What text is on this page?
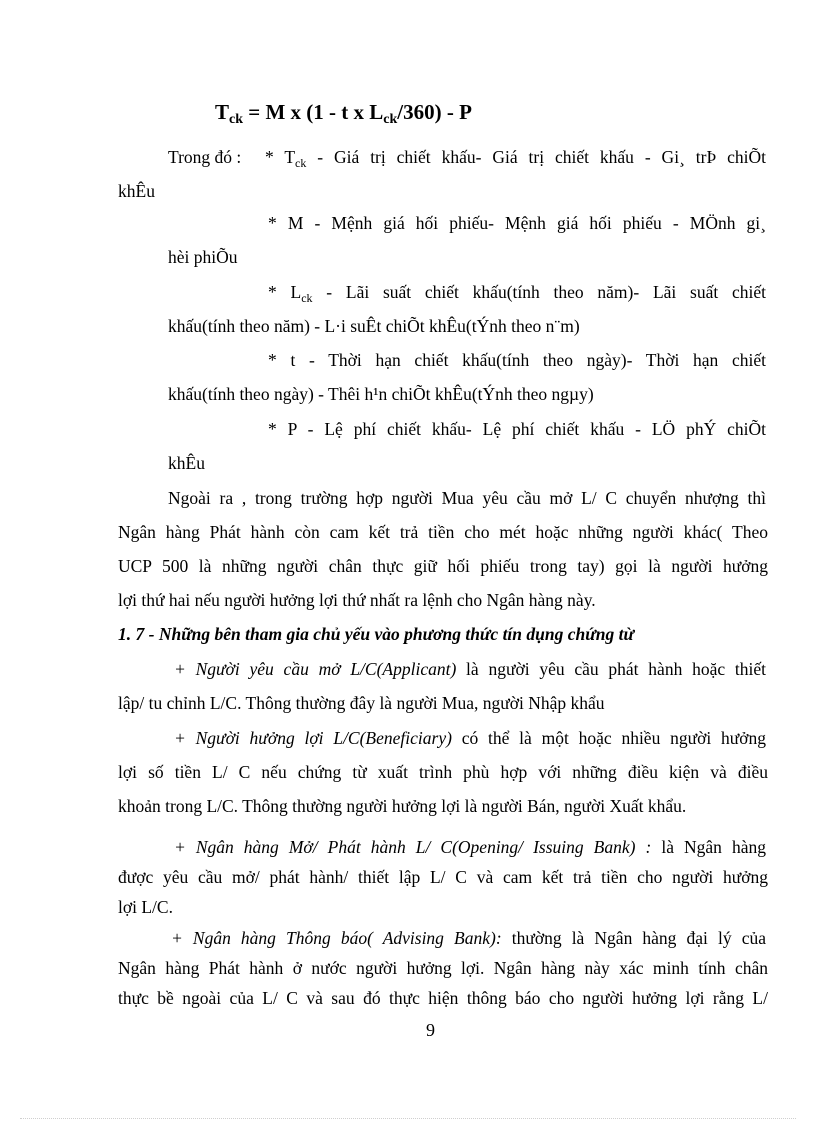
$T_{ck} = M$ x (1 - t x $L_{ck}/360$) - P
Trong đó : * $T_{ck}$ - Giá trị chiết khấu- Giá trị chiết khấu - Gi¸ trÞ chiÕt
khÊu
* M - Mệnh giá hối phiếu- Mệnh giá hối phiếu - MÖnh gi¸
hèi phiÕu
* $L_{ck}$ - Lãi suất chiết khấu(tính theo năm)- Lãi suất chiết
khấu(tính theo năm) - L·i suÊt chiÕt khÊu(tÝnh theo n¨m)
* t - Thời hạn chiết khấu(tính theo ngày)- Thời hạn chiết
khấu(tính theo ngày) - Thêi h¹n chiÕt khÊu(tÝnh theo ngµy)
* P - Lệ phí chiết khấu- Lệ phí chiết khấu - LÖ phÝ chiÕt
khÊu
Ngoài ra , trong trường hợp người Mua yêu cầu mở L/ C chuyển nhượng thì
Ngân hàng Phát hành còn cam kết trả tiền cho mét hoặc những người khác( Theo
UCP 500 là những người chân thực giữ hối phiếu trong tay) gọi là người hưởng
lợi thứ hai nếu người hưởng lợi thứ nhất ra lệnh cho Ngân hàng này.
1. 7 - Những bên tham gia chủ yếu vào phương thức tín dụng chứng từ
+ Người yêu cầu mở L/C(Applicant) là người yêu cầu phát hành hoặc thiết
lập/ tu chỉnh L/C. Thông thường đây là người Mua, người Nhập khẩu
+ Người hưởng lợi L/C(Beneficiary) có thể là một hoặc nhiều người hưởng
lợi số tiền L/ C nếu chứng từ xuất trình phù hợp với những điều kiện và điều
khoản trong L/C. Thông thường người hưởng lợi là người Bán, người Xuất khẩu.
+ Ngân hàng Mở/ Phát hành L/ C(Opening/ Issuing Bank) : là Ngân hàng
được yêu cầu mở/ phát hành/ thiết lập L/ C và cam kết trả tiền cho người hưởng
lợi L/C.
+ Ngân hàng Thông báo( Advising Bank): thường là Ngân hàng đại lý của
Ngân hàng Phát hành ở nước người hưởng lợi. Ngân hàng này xác minh tính chân
thực bề ngoài của L/ C và sau đó thực hiện thông báo cho người hưởng lợi rằng L/
9
